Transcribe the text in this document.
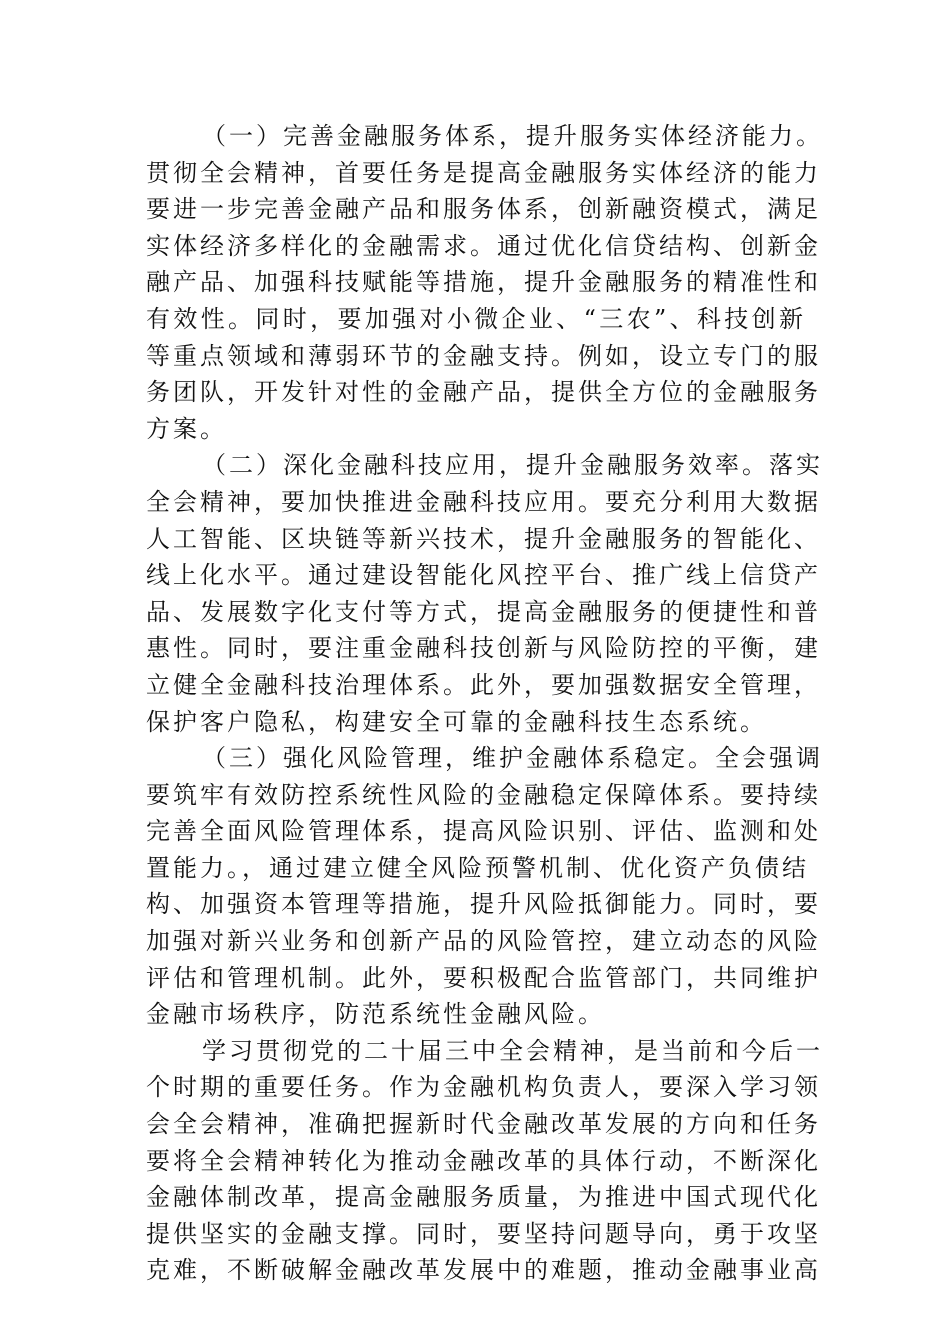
（一）完善金融服务体系，提升服务实体经济能力。
贯彻全会精神，首要任务是提高金融服务实体经济的能力
要进一步完善金融产品和服务体系，创新融资模式，满足
实体经济多样化的金融需求。通过优化信贷结构、创新金
融产品、加强科技赋能等措施，提升金融服务的精准性和
有效性。同时，要加强对小微企业、“三农”、科技创新
等重点领域和薄弱环节的金融支持。例如，设立专门的服
务团队，开发针对性的金融产品，提供全方位的金融服务
方案。
（二）深化金融科技应用，提升金融服务效率。落实
全会精神，要加快推进金融科技应用。要充分利用大数据
人工智能、区块链等新兴技术，提升金融服务的智能化、
线上化水平。通过建设智能化风控平台、推广线上信贷产
品、发展数字化支付等方式，提高金融服务的便捷性和普
惠性。同时，要注重金融科技创新与风险防控的平衡，建
立健全金融科技治理体系。此外，要加强数据安全管理，
保护客户隐私，构建安全可靠的金融科技生态系统。
（三）强化风险管理，维护金融体系稳定。全会强调
要筑牢有效防控系统性风险的金融稳定保障体系。要持续
完善全面风险管理体系，提高风险识别、评估、监测和处
置能力。，通过建立健全风险预警机制、优化资产负债结
构、加强资本管理等措施，提升风险抵御能力。同时，要
加强对新兴业务和创新产品的风险管控，建立动态的风险
评估和管理机制。此外，要积极配合监管部门，共同维护
金融市场秩序，防范系统性金融风险。
学习贯彻党的二十届三中全会精神，是当前和今后一
个时期的重要任务。作为金融机构负责人，要深入学习领
会全会精神，准确把握新时代金融改革发展的方向和任务
要将全会精神转化为推动金融改革的具体行动，不断深化
金融体制改革，提高金融服务质量，为推进中国式现代化
提供坚实的金融支撑。同时，要坚持问题导向，勇于攻坚
克难，不断破解金融改革发展中的难题，推动金融事业高
